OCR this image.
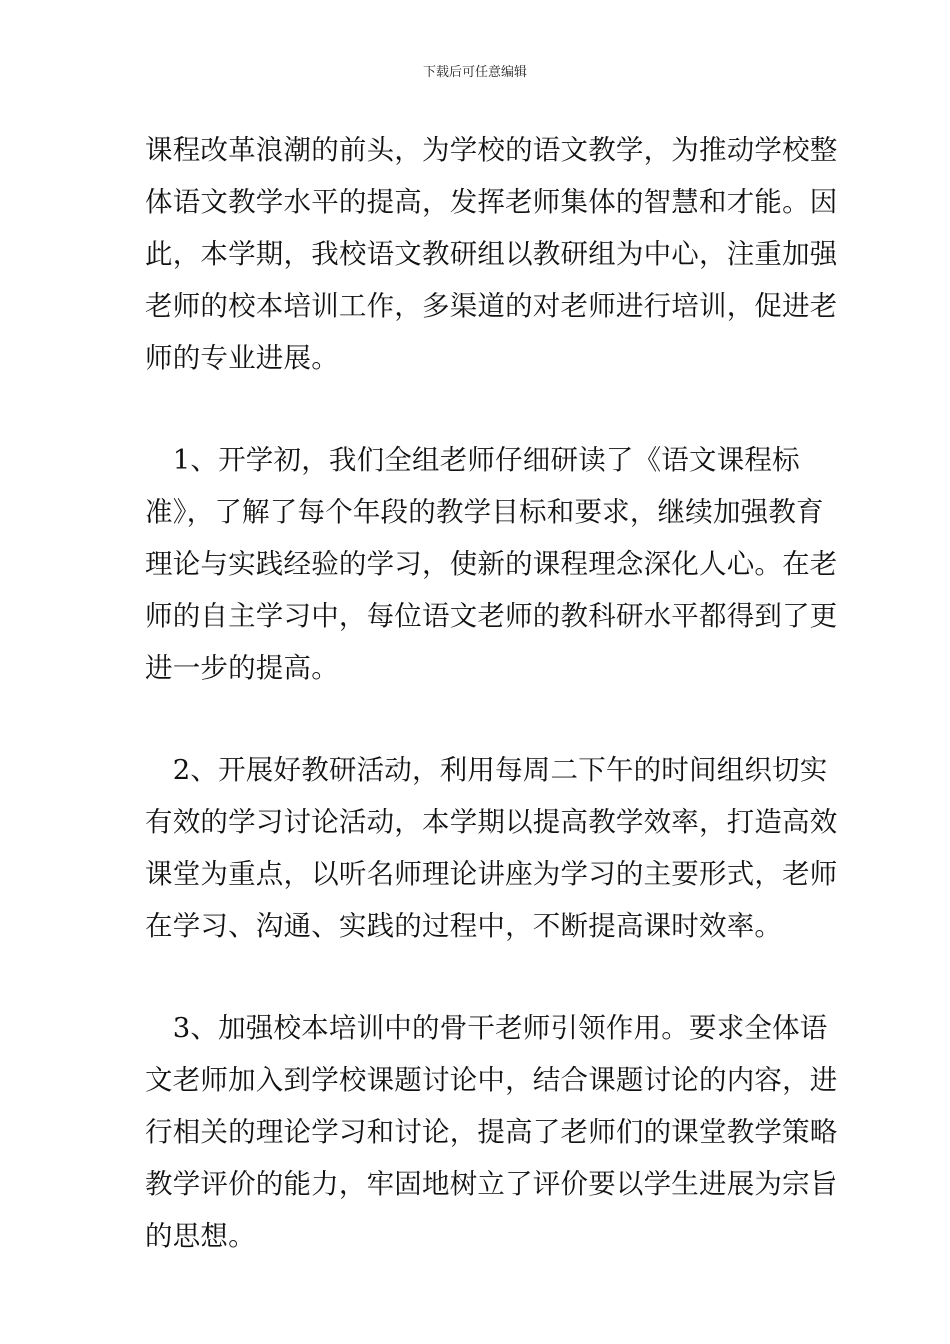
下载后可任意编辑
课程改革浪潮的前头，为学校的语文教学，为推动学校整
体语文教学水平的提高，发挥老师集体的智慧和才能。因
此，本学期，我校语文教研组以教研组为中心，注重加强
老师的校本培训工作，多渠道的对老师进行培训，促进老
师的专业进展。
　1、开学初，我们全组老师仔细研读了《语文课程标
准》，了解了每个年段的教学目标和要求，继续加强教育
理论与实践经验的学习，使新的课程理念深化人心。在老
师的自主学习中，每位语文老师的教科研水平都得到了更
进一步的提高。
　2、开展好教研活动，利用每周二下午的时间组织切实
有效的学习讨论活动，本学期以提高教学效率，打造高效
课堂为重点，以听名师理论讲座为学习的主要形式，老师
在学习、沟通、实践的过程中，不断提高课时效率。
　3、加强校本培训中的骨干老师引领作用。要求全体语
文老师加入到学校课题讨论中，结合课题讨论的内容，进
行相关的理论学习和讨论，提高了老师们的课堂教学策略
教学评价的能力，牢固地树立了评价要以学生进展为宗旨
的思想。
